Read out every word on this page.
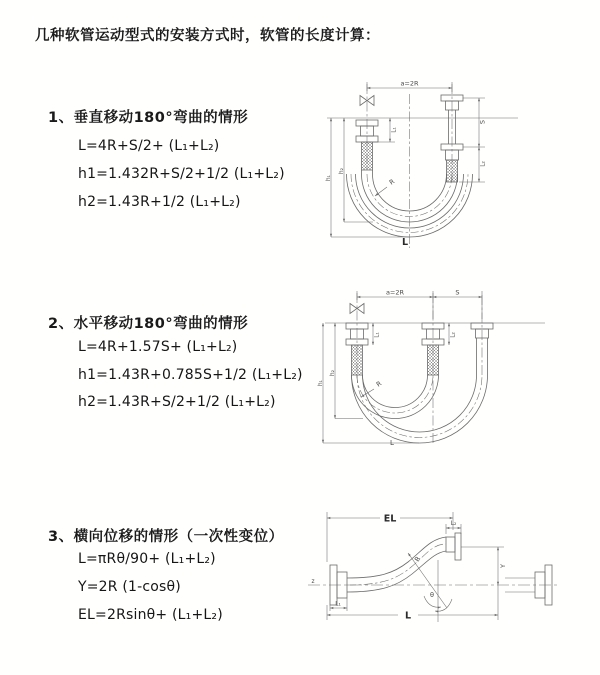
几种软管运动型式的安装方式时，软管的长度计算：
1、垂直移动180°弯曲的情形
L=4R+S/2+ (L₁+L₂)
h1=1.432R+S/2+1/2 (L₁+L₂)
h2=1.43R+1/2 (L₁+L₂)
a=2R
S
L₂
L₁
h₁
h₂
R
L
2、水平移动180°弯曲的情形
L=4R+1.57S+ (L₁+L₂)
h1=1.43R+0.785S+1/2 (L₁+L₂)
h2=1.43R+S/2+1/2 (L₁+L₂)
a=2R	S
L₁	L₂
h₁
h₂
R
L
3、横向位移的情形（一次性变位）
L=πRθ/90+ (L₁+L₂)
Y=2R (1-cosθ)
EL=2Rsinθ+ (L₁+L₂)
EL	L₂
Y
R
θ
L₁
L
z
